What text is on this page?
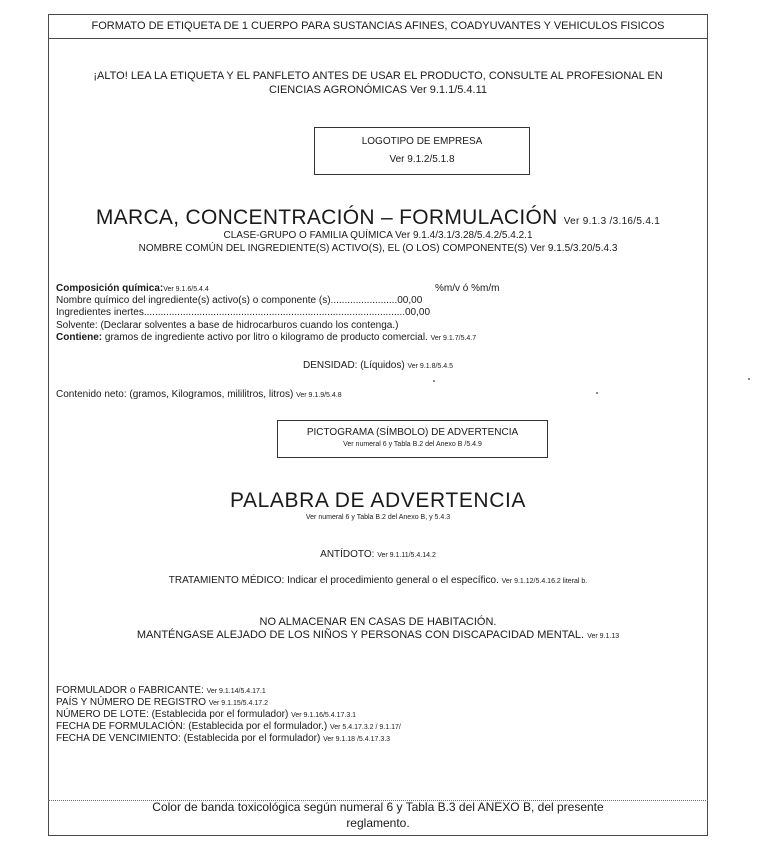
FORMATO DE ETIQUETA DE 1 CUERPO PARA SUSTANCIAS AFINES, COADYUVANTES Y VEHICULOS FISICOS
¡ALTO! LEA LA ETIQUETA Y EL PANFLETO ANTES DE USAR EL PRODUCTO, CONSULTE AL PROFESIONAL EN
CIENCIAS AGRONÓMICAS Ver 9.1.1/5.4.11
LOGOTIPO DE EMPRESA
Ver 9.1.2/5.1.8
MARCA, CONCENTRACIÓN – FORMULACIÓN Ver 9.1.3 /3.16/5.4.1
CLASE-GRUPO O FAMILIA QUÍMICA Ver 9.1.4/3.1/3.28/5.4.2/5.4.2.1
NOMBRE COMÚN DEL INGREDIENTE(S) ACTIVO(S), EL (O LOS) COMPONENTE(S) Ver 9.1.5/3.20/5.4.3
Composición química:Ver 9.1.6/5.4.4	%m/v ó %m/m
Nombre químico del ingrediente(s) activo(s) o componente (s)........................00,00
Ingredientes inertes..............................................................................................00,00
Solvente: (Declarar solventes a base de hidrocarburos cuando los contenga.)
Contiene: gramos de ingrediente activo por litro o kilogramo de producto comercial. Ver 9.1.7/5.4.7
DENSIDAD: (Líquidos) Ver 9.1.8/5.4.5
Contenido neto: (gramos, Kilogramos, mililitros, litros) Ver 9.1.9/5.4.8
PICTOGRAMA (SÍMBOLO) DE ADVERTENCIA
Ver numeral 6 y Tabla B.2 del Anexo B /5.4.9
PALABRA DE ADVERTENCIA
Ver numeral 6 y Tabla B.2 del Anexo B, y 5.4.3
ANTÍDOTO: Ver 9.1.11/5.4.14.2
TRATAMIENTO MÉDICO: Indicar el procedimiento general o el específico. Ver 9.1.12/5.4.16.2 literal b.
NO ALMACENAR EN CASAS DE HABITACIÓN.
MANTÉNGASE ALEJADO DE LOS NIÑOS Y PERSONAS CON DISCAPACIDAD MENTAL. Ver 9.1.13
FORMULADOR o FABRICANTE: Ver 9.1.14/5.4.17.1
PAÍS Y NÚMERO DE REGISTRO Ver 9.1.15/5.4.17.2
NÚMERO DE LOTE: (Establecida por el formulador) Ver 9.1.16/5.4.17.3.1
FECHA DE FORMULACIÓN: (Establecida por el formulador.) Ver 5.4.17.3.2 / 9.1.17/
FECHA DE VENCIMIENTO: (Establecida por el formulador) Ver 9.1.18 /5.4.17.3.3
Color de banda toxicológica según numeral 6 y Tabla B.3 del ANEXO B, del presente
reglamento.
